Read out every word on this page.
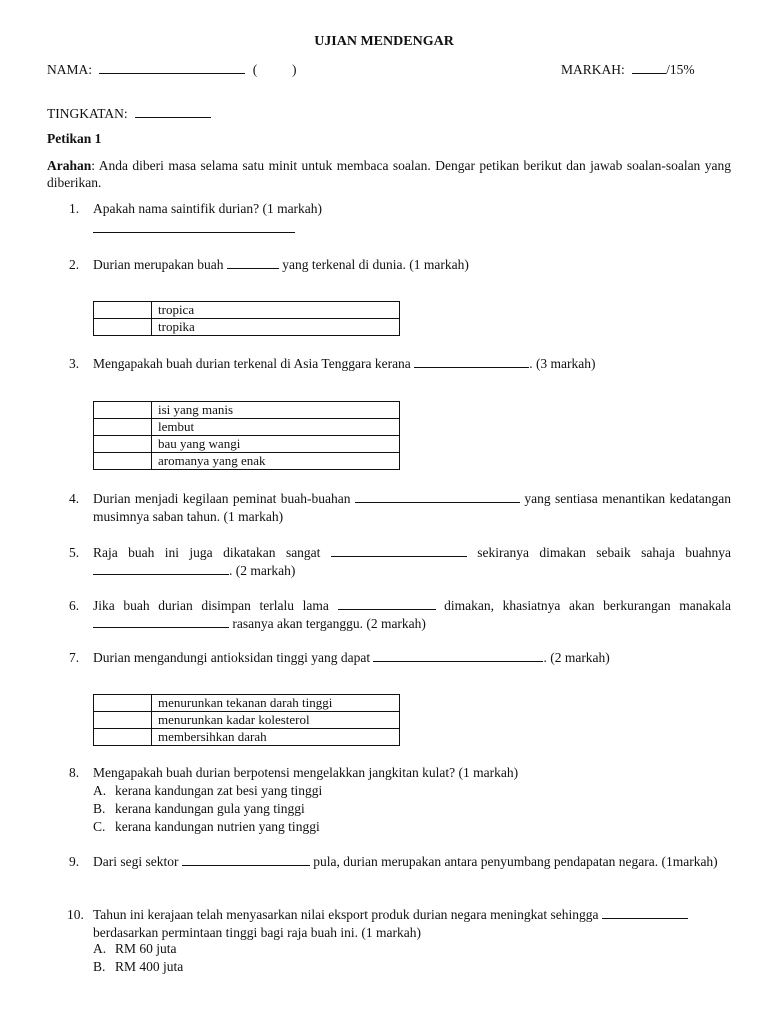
UJIAN MENDENGAR
NAMA:	(	)	MARKAH:	/15%
TINGKATAN:
Petikan 1
Arahan: Anda diberi masa selama satu minit untuk membaca soalan. Dengar petikan berikut dan jawab soalan-soalan yang diberikan.
1. Apakah nama saintifik durian? (1 markah)
2. Durian merupakan buah	yang terkenal di dunia. (1 markah)
	tropica
	tropika
3. Mengapakah buah durian terkenal di Asia Tenggara kerana	. (3 markah)
	isi yang manis
	lembut
	bau yang wangi
	aromanya yang enak
4. Durian menjadi kegilaan peminat buah-buahan	yang sentiasa menantikan kedatangan musimnya saban tahun. (1 markah)
5. Raja buah ini juga dikatakan sangat	sekiranya dimakan sebaik sahaja buahnya . (2 markah)
6. Jika buah durian disimpan terlalu lama	dimakan, khasiatnya akan berkurangan manakala  rasanya akan terganggu. (2 markah)
7. Durian mengandungi antioksidan tinggi yang dapat	. (2 markah)
	menurunkan tekanan darah tinggi
	menurunkan kadar kolesterol
	membersihkan darah
8. Mengapakah buah durian berpotensi mengelakkan jangkitan kulat? (1 markah)
A. kerana kandungan zat besi yang tinggi
B. kerana kandungan gula yang tinggi
C. kerana kandungan nutrien yang tinggi
9. Dari segi sektor	pula, durian merupakan antara penyumbang pendapatan negara. (1markah)
10. Tahun ini kerajaan telah menyasarkan nilai eksport produk durian negara meningkat sehingga  berdasarkan permintaan tinggi bagi raja buah ini. (1 markah)
A. RM 60 juta
B. RM 400 juta
